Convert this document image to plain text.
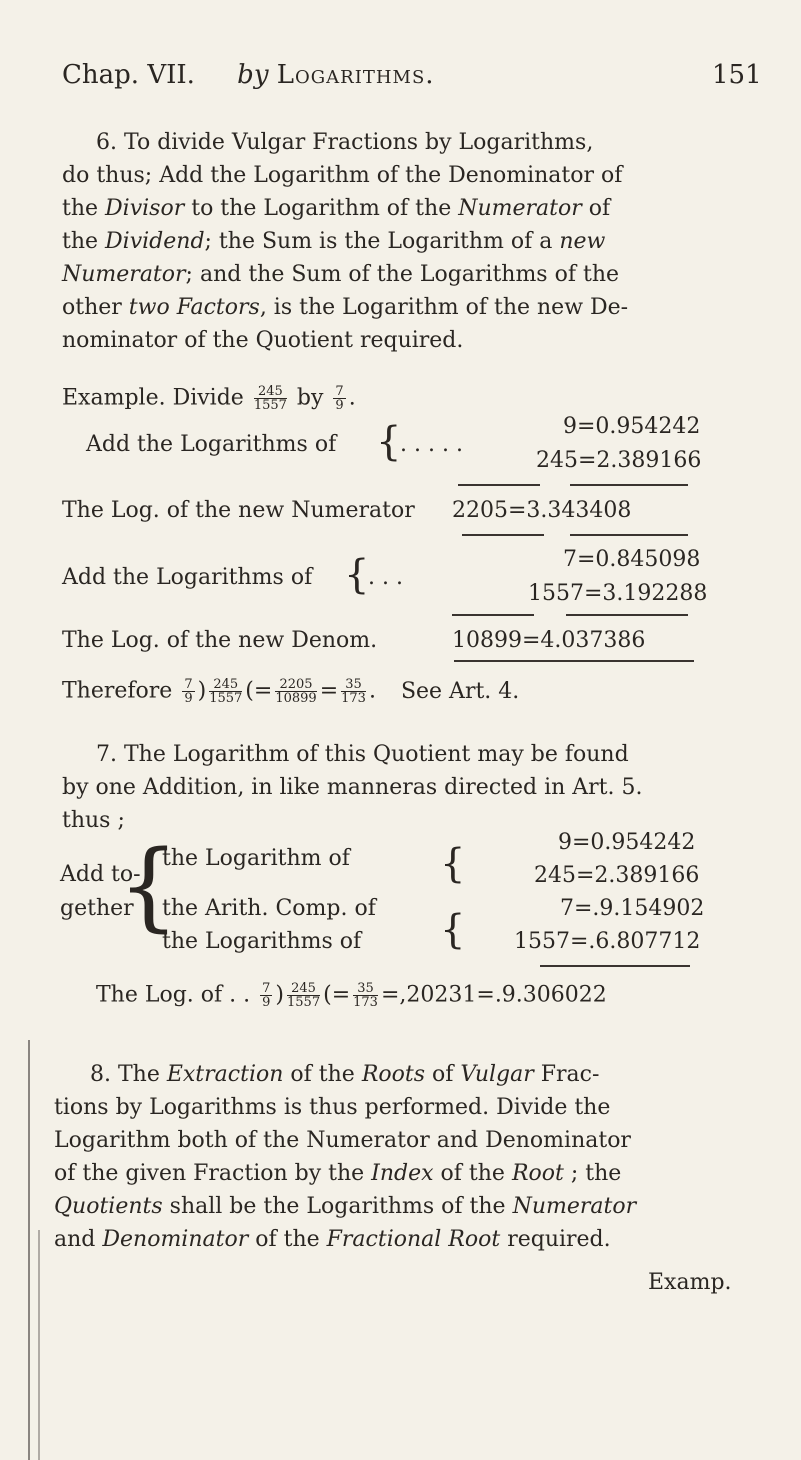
Chap. VII. by Logarithms.	151
6. To divide Vulgar Fractions by Logarithms,
do thus; Add the Logarithm of the Denominator of
the Divisor to the Logarithm of the Numerator of
the Dividend; the Sum is the Logarithm of a new
Numerator; and the Sum of the Logarithms of the
other two Factors, is the Logarithm of the new De-
nominator of the Quotient required.
Example. Divide $\frac{245}{1557}$ by $\frac{7}{9}$ .
Add the Logarithms of {
. . . . .
9=0.954242
245=2.389166
The Log. of the new Numerator 2205=3.343408
Add the Logarithms of {
. . .
7=0.845098
1557=3.192288
The Log. of the new Denom.	10899=4.037386
Therefore $\frac{7}{9}$ ) $\frac{245}{1557}$ (= $\frac{2205}{10899} = \frac{35}{173}$ . See Art. 4.
7. The Logarithm of this Quotient may be found
by one Addition, in like manneras directed in Art. 5.
thus ;
{
Add to-
gether
the Logarithm of
the Arith. Comp. of
the Logarithms of
{
{
9=0.954242
245=2.389166
7=.9.154902
1557=.6.807712
The Log. of . . $\frac{7}{9}$ ) $\frac{245}{1557}$ (= $\frac{35}{173} =,20231=.9.306022$
8. The Extraction of the Roots of Vulgar Frac-
tions by Logarithms is thus performed. Divide the
Logarithm both of the Numerator and Denominator
of the given Fraction by the Index of the Root ; the
Quotients shall be the Logarithms of the Numerator
and Denominator of the Fractional Root required.
Examp.
